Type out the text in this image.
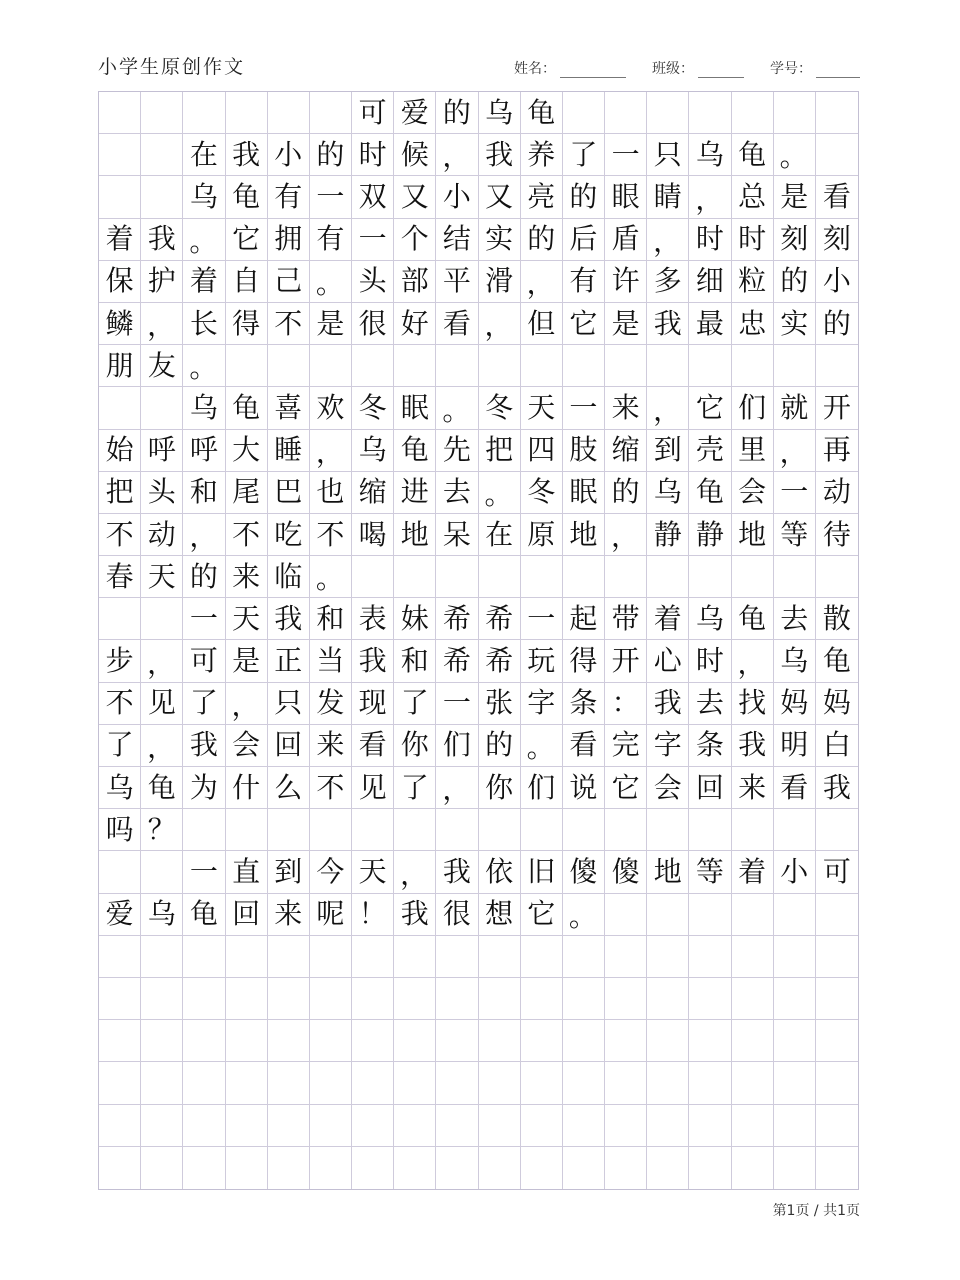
小学生原创作文	姓名：	班级：	学号：
可 爱 的 乌 龟
在 我 小 的 时 候 ， 我 养 了 一 只 乌 龟 。
乌 龟 有 一 双 又 小 又 亮 的 眼 睛 ， 总 是 看
着 我 。 它 拥 有 一 个 结 实 的 后 盾 ， 时 时 刻 刻
保 护 着 自 己 。 头 部 平 滑 ， 有 许 多 细 粒 的 小
鳞 ， 长 得 不 是 很 好 看 ， 但 它 是 我 最 忠 实 的
朋 友 。
乌 龟 喜 欢 冬 眠 。 冬 天 一 来 ， 它 们 就 开
始 呼 呼 大 睡 ， 乌 龟 先 把 四 肢 缩 到 壳 里 ， 再
把 头 和 尾 巴 也 缩 进 去 。 冬 眠 的 乌 龟 会 一 动
不 动 ， 不 吃 不 喝 地 呆 在 原 地 ， 静 静 地 等 待
春 天 的 来 临 。
一 天 我 和 表 妹 希 希 一 起 带 着 乌 龟 去 散
步 ， 可 是 正 当 我 和 希 希 玩 得 开 心 时 ， 乌 龟
不 见 了 ， 只 发 现 了 一 张 字 条 ： 我 去 找 妈 妈
了 ， 我 会 回 来 看 你 们 的 。 看 完 字 条 我 明 白
乌 龟 为 什 么 不 见 了 ， 你 们 说 它 会 回 来 看 我
吗 ？
一 直 到 今 天 ， 我 依 旧 傻 傻 地 等 着 小 可
爱 乌 龟 回 来 呢 ！ 我 很 想 它 。
第1页 / 共1页
